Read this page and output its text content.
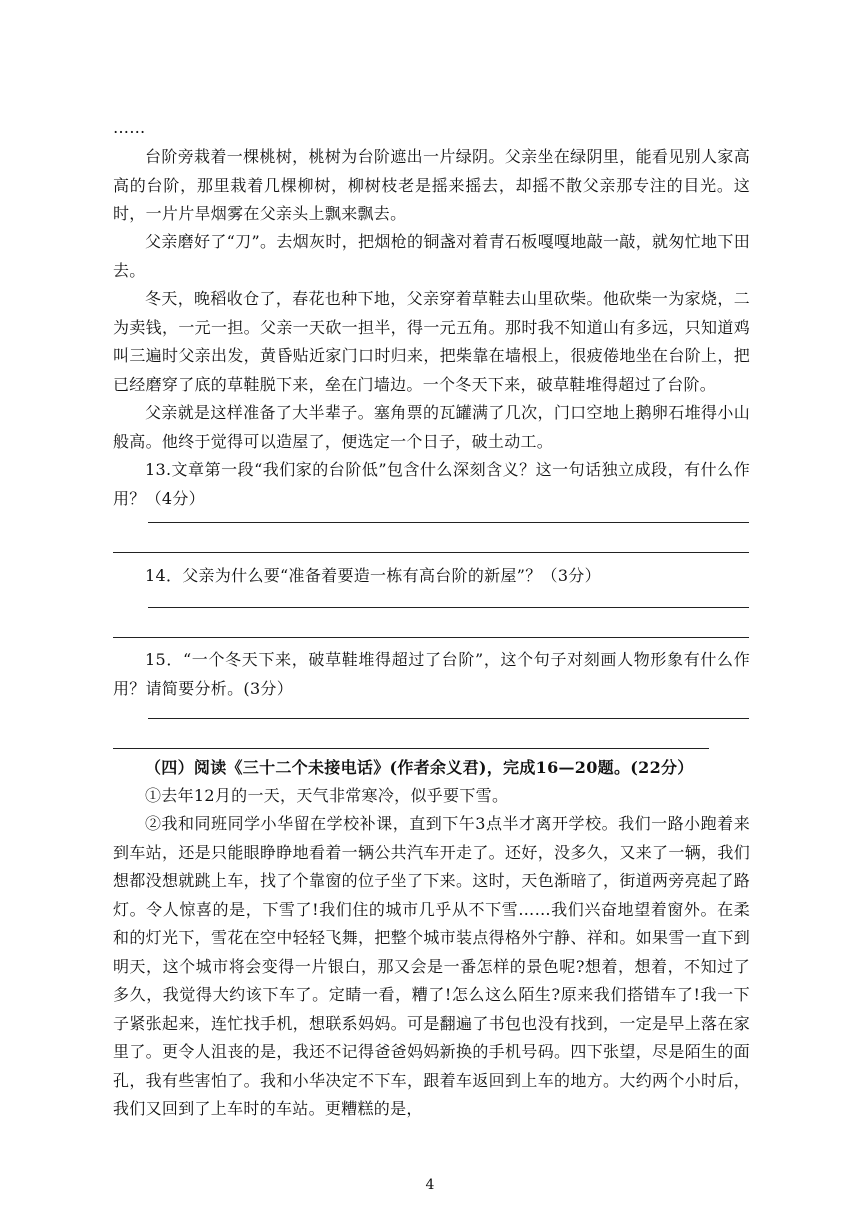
……
台阶旁栽着一棵桃树，桃树为台阶遮出一片绿阴。父亲坐在绿阴里，能看见别人家高高的台阶，那里栽着几棵柳树，柳树枝老是摇来摇去，却摇不散父亲那专注的目光。这时，一片片旱烟雾在父亲头上飘来飘去。
父亲磨好了“刀”。去烟灰时，把烟枪的铜盏对着青石板嘎嘎地敲一敲，就匆忙地下田去。
冬天，晚稻收仓了，春花也种下地，父亲穿着草鞋去山里砍柴。他砍柴一为家烧，二为卖钱，一元一担。父亲一天砍一担半，得一元五角。那时我不知道山有多远，只知道鸡叫三遍时父亲出发，黄昏贴近家门口时归来，把柴靠在墙根上，很疲倦地坐在台阶上，把已经磨穿了底的草鞋脱下来，垒在门墙边。一个冬天下来，破草鞋堆得超过了台阶。
父亲就是这样准备了大半辈子。塞角票的瓦罐满了几次，门口空地上鹅卵石堆得小山般高。他终于觉得可以造屋了，便选定一个日子，破土动工。
13.文章第一段“我们家的台阶低”包含什么深刻含义？这一句话独立成段，有什么作用？（4分）
14．父亲为什么要“准备着要造一栋有高台阶的新屋”？（3分）
15．“一个冬天下来，破草鞋堆得超过了台阶”，这个句子对刻画人物形象有什么作用？请简要分析。(3分）
（四）阅读《三十二个未接电话》(作者余义君)，完成16—20题。(22分）
①去年12月的一天，天气非常寒冷，似乎要下雪。
②我和同班同学小华留在学校补课，直到下午3点半才离开学校。我们一路小跑着来到车站，还是只能眼睁睁地看着一辆公共汽车开走了。还好，没多久，又来了一辆，我们想都没想就跳上车，找了个靠窗的位子坐了下来。这时，天色渐暗了，街道两旁亮起了路灯。令人惊喜的是，下雪了!我们住的城市几乎从不下雪……我们兴奋地望着窗外。在柔和的灯光下，雪花在空中轻轻飞舞，把整个城市装点得格外宁静、祥和。如果雪一直下到明天，这个城市将会变得一片银白，那又会是一番怎样的景色呢?想着，想着，不知过了多久，我觉得大约该下车了。定睛一看，糟了!怎么这么陌生?原来我们搭错车了!我一下子紧张起来，连忙找手机，想联系妈妈。可是翻遍了书包也没有找到，一定是早上落在家里了。更令人沮丧的是，我还不记得爸爸妈妈新换的手机号码。四下张望，尽是陌生的面孔，我有些害怕了。我和小华决定不下车，跟着车返回到上车的地方。大约两个小时后，我们又回到了上车时的车站。更糟糕的是，
4
